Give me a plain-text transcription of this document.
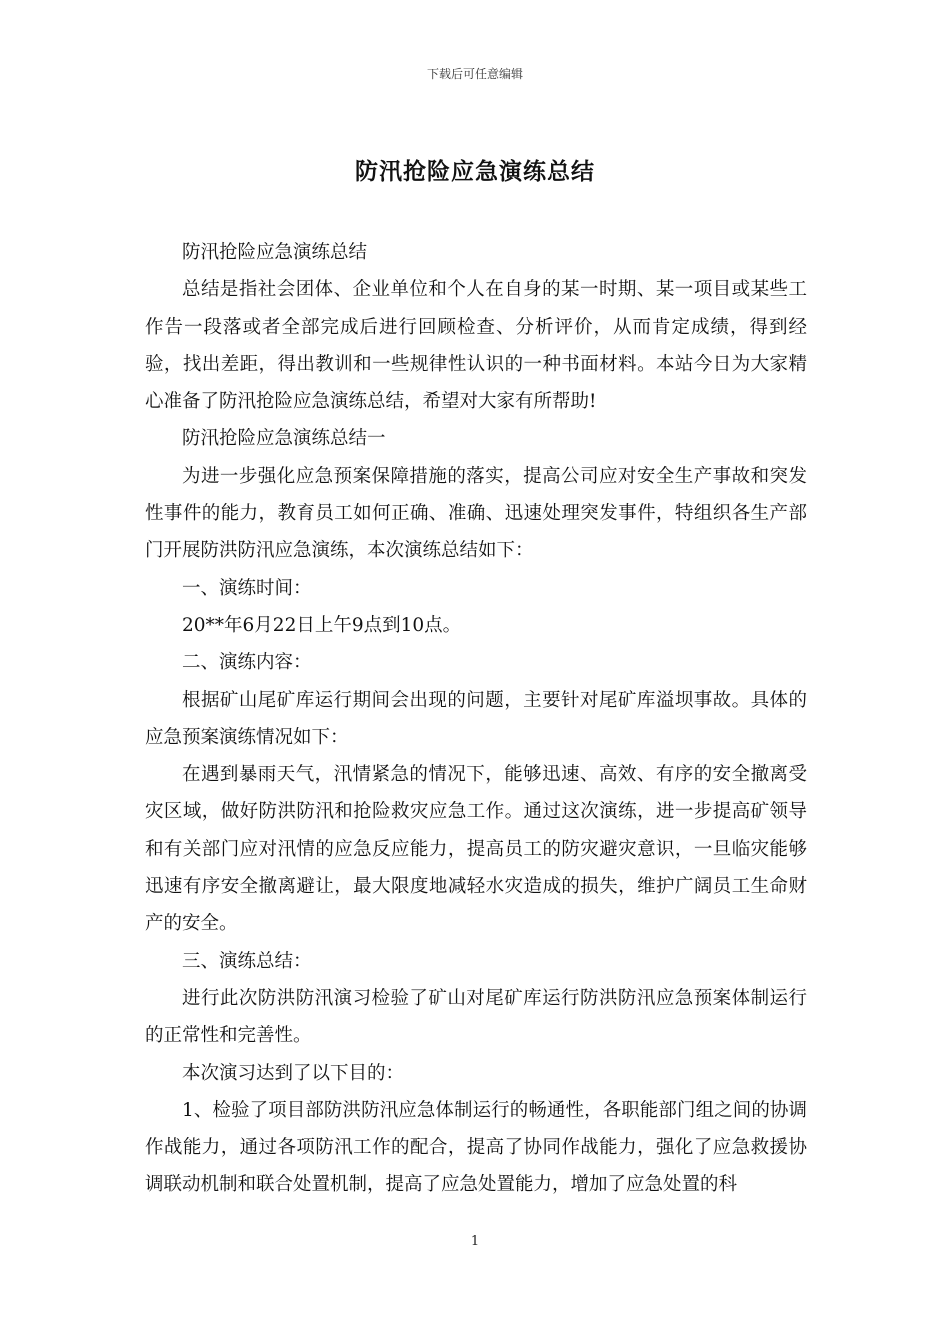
下载后可任意编辑
防汛抢险应急演练总结

防汛抢险应急演练总结

总结是指社会团体、企业单位和个人在自身的某一时期、某一项目或某些工作告一段落或者全部完成后进行回顾检查、分析评价，从而肯定成绩，得到经验，找出差距，得出教训和一些规律性认识的一种书面材料。本站今日为大家精心准备了防汛抢险应急演练总结，希望对大家有所帮助!

防汛抢险应急演练总结一

为进一步强化应急预案保障措施的落实，提高公司应对安全生产事故和突发性事件的能力，教育员工如何正确、准确、迅速处理突发事件，特组织各生产部门开展防洪防汛应急演练，本次演练总结如下：

一、演练时间：

20**年6月22日上午9点到10点。

二、演练内容：

根据矿山尾矿库运行期间会出现的问题，主要针对尾矿库溢坝事故。具体的应急预案演练情况如下：

在遇到暴雨天气，汛情紧急的情况下，能够迅速、高效、有序的安全撤离受灾区域，做好防洪防汛和抢险救灾应急工作。通过这次演练，进一步提高矿领导和有关部门应对汛情的应急反应能力，提高员工的防灾避灾意识，一旦临灾能够迅速有序安全撤离避让，最大限度地减轻水灾造成的损失，维护广阔员工生命财产的安全。

三、演练总结：

进行此次防洪防汛演习检验了矿山对尾矿库运行防洪防汛应急预案体制运行的正常性和完善性。

本次演习达到了以下目的：

1、检验了项目部防洪防汛应急体制运行的畅通性，各职能部门组之间的协调作战能力，通过各项防汛工作的配合，提高了协同作战能力，强化了应急救援协调联动机制和联合处置机制，提高了应急处置能力，增加了应急处置的科

1
